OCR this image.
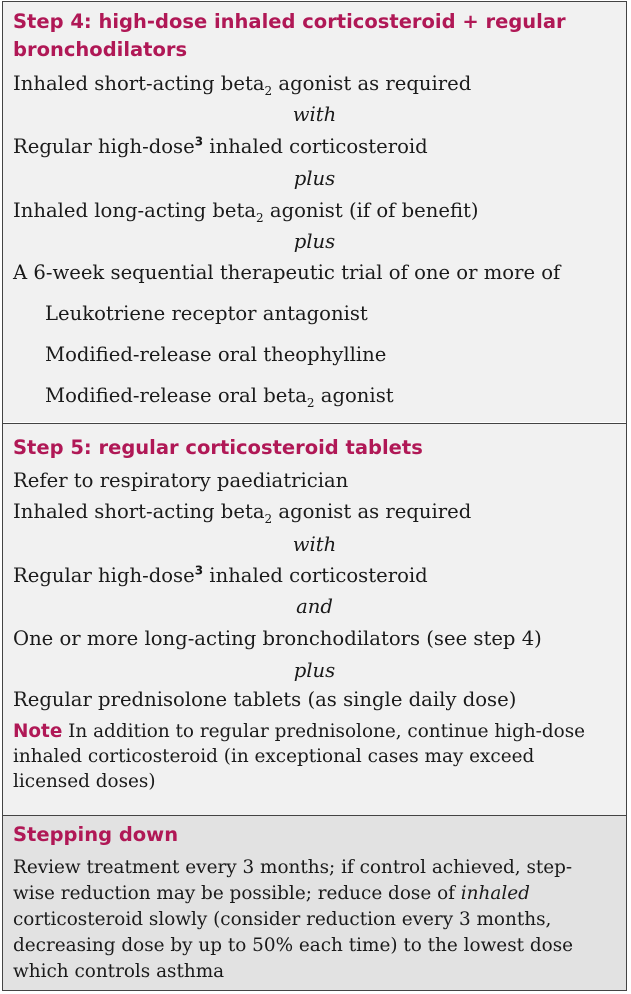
Step 4: high-dose inhaled corticosteroid + regular
bronchodilators
Inhaled short-acting beta$_2$ agonist as required
with
Regular high-dose$^3$ inhaled corticosteroid
plus
Inhaled long-acting beta$_2$ agonist (if of benefit)
plus
A 6-week sequential therapeutic trial of one or more of
Leukotriene receptor antagonist
Modified-release oral theophylline
Modified-release oral beta$_2$ agonist
Step 5: regular corticosteroid tablets
Refer to respiratory paediatrician
Inhaled short-acting beta$_2$ agonist as required
with
Regular high-dose$^3$ inhaled corticosteroid
and
One or more long-acting bronchodilators (see step 4)
plus
Regular prednisolone tablets (as single daily dose)
Note In addition to regular prednisolone, continue high-dose
inhaled corticosteroid (in exceptional cases may exceed
licensed doses)
Stepping down
Review treatment every 3 months; if control achieved, step-
wise reduction may be possible; reduce dose of inhaled
corticosteroid slowly (consider reduction every 3 months,
decreasing dose by up to 50% each time) to the lowest dose
which controls asthma
